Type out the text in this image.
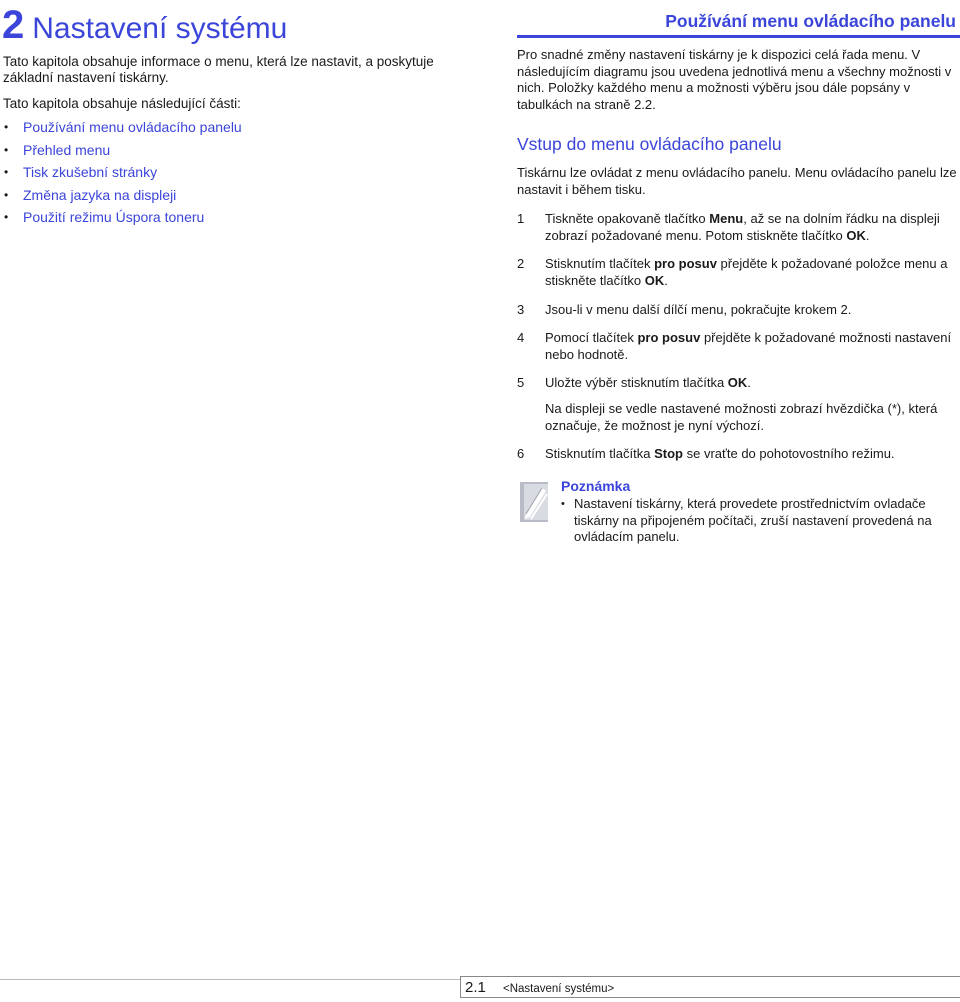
2 Nastavení systému

Tato kapitola obsahuje informace o menu, která lze nastavit, a poskytuje základní nastavení tiskárny.

Tato kapitola obsahuje následující části:

• Používání menu ovládacího panelu
• Přehled menu
• Tisk zkušební stránky
• Změna jazyka na displeji
• Použití režimu Úspora toneru
Používání menu ovládacího panelu

Pro snadné změny nastavení tiskárny je k dispozici celá řada menu. V následujícím diagramu jsou uvedena jednotlivá menu a všechny možnosti v nich. Položky každého menu a možnosti výběru jsou dále popsány v tabulkách na straně 2.2.

Vstup do menu ovládacího panelu

Tiskárnu lze ovládat z menu ovládacího panelu. Menu ovládacího panelu lze nastavit i během tisku.

1	Tiskněte opakovaně tlačítko Menu, až se na dolním řádku na displeji zobrazí požadované menu. Potom stiskněte tlačítko OK.
2	Stisknutím tlačítek pro posuv přejděte k požadované položce menu a stiskněte tlačítko OK.
3	Jsou-li v menu další dílčí menu, pokračujte krokem 2.
4	Pomocí tlačítek pro posuv přejděte k požadované možnosti nastavení nebo hodnotě.
5	Uložte výběr stisknutím tlačítka OK.
Na displeji se vedle nastavené možnosti zobrazí hvězdička (*), která označuje, že možnost je nyní výchozí.
6	Stisknutím tlačítka Stop se vraťte do pohotovostního režimu.

Poznámka

• Nastavení tiskárny, která provedete prostřednictvím ovladače tiskárny na připojeném počítači, zruší nastavení provedená na ovládacím panelu.
2.1 <Nastavení systému>
